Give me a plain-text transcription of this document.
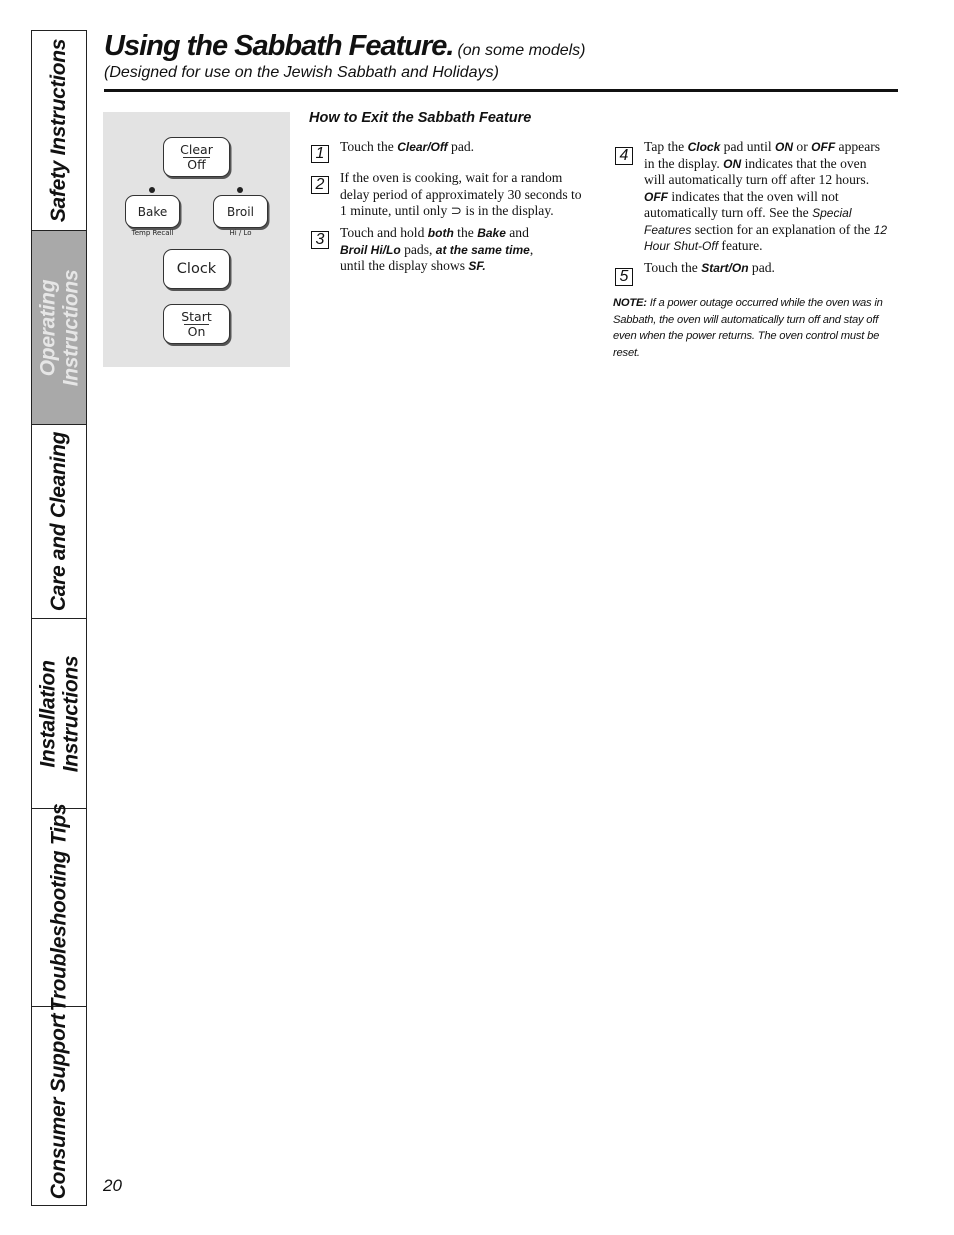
Safety Instructions
Operating
Instructions
Care and Cleaning
Installation
Instructions
Troubleshooting Tips
Consumer Support
Using the Sabbath Feature. (on some models)
(Designed for use on the Jewish Sabbath and Holidays)
Clear
Off
Bake	Broil
Temp Recall	Hi / Lo
Clock
Start
On
How to Exit the Sabbath Feature
1	Touch the Clear/Off pad.
2	If the oven is cooking, wait for a random delay period of approximately 30 seconds to 1 minute, until only ⊃ is in the display.
3	Touch and hold both the Bake and
Broil Hi/Lo pads, at the same time,
until the display shows SF.
4
Tap the Clock pad until ON or OFF appears in the display. ON indicates that the oven will automatically turn off after 12 hours. OFF indicates that the oven will not automatically turn off. See the Special Features section for an explanation of the 12 Hour Shut-Off feature.
5
Touch the Start/On pad.
NOTE: If a power outage occurred while the oven was in Sabbath, the oven will automatically turn off and stay off even when the power returns. The oven control must be reset.
20
